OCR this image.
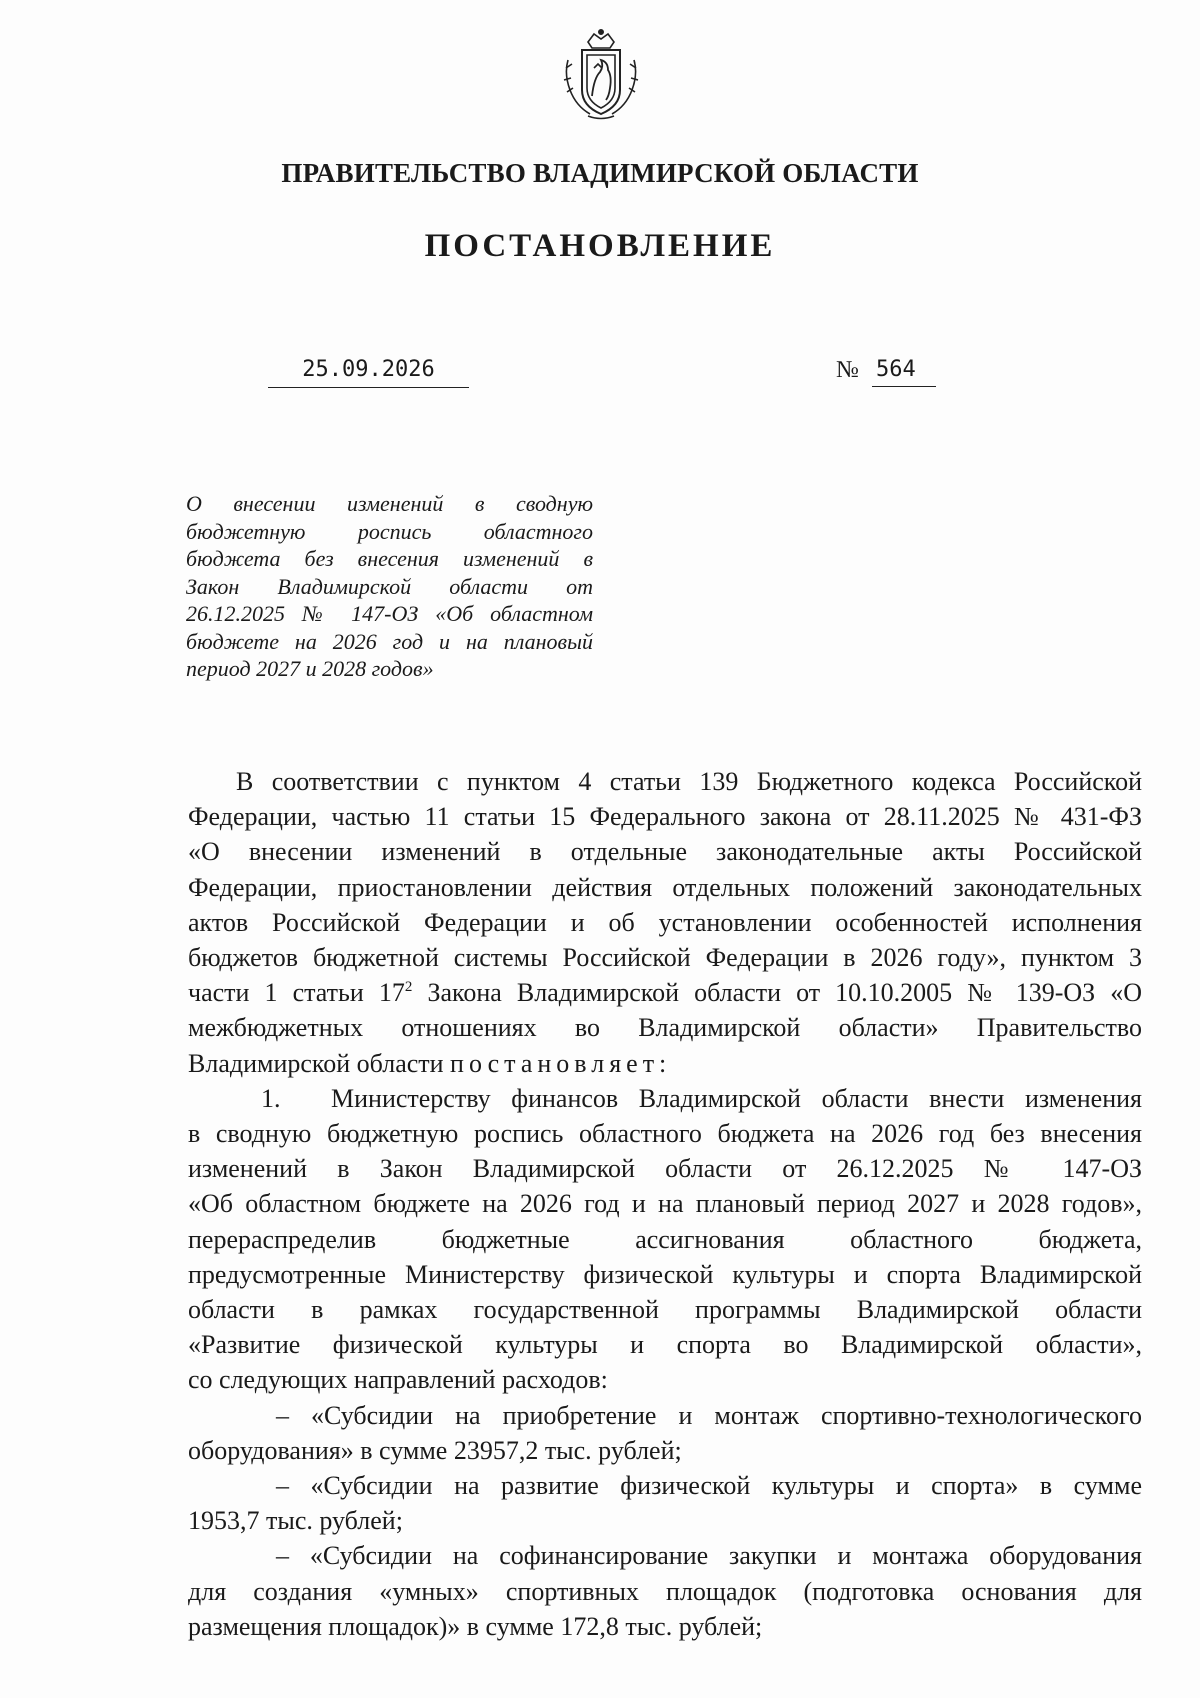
ПРАВИТЕЛЬСТВО ВЛАДИМИРСКОЙ ОБЛАСТИ
ПОСТАНОВЛЕНИЕ
25.09.2026	№ 564
О внесении изменений в сводную
бюджетную роспись областного
бюджета без внесения изменений в
Закон Владимирской области от
26.12.2025 № 147-ОЗ «Об областном
бюджете на 2026 год и на плановый
период 2027 и 2028 годов»
В соответствии с пунктом 4 статьи 139 Бюджетного кодекса Российской
Федерации, частью 11 статьи 15 Федерального закона от 28.11.2025 № 431-ФЗ
«О внесении изменений в отдельные законодательные акты Российской
Федерации, приостановлении действия отдельных положений законодательных
актов Российской Федерации и об установлении особенностей исполнения
бюджетов бюджетной системы Российской Федерации в 2026 году», пунктом 3
части 1 статьи $17^2$ Закона Владимирской области от 10.10.2005 № 139-ОЗ «О
межбюджетных отношениях во Владимирской области» Правительство
Владимирской области постановляет:
1. Министерству финансов Владимирской области внести изменения
в сводную бюджетную роспись областного бюджета на 2026 год без внесения
изменений в Закон Владимирской области от 26.12.2025 № 147-ОЗ
«Об областном бюджете на 2026 год и на плановый период 2027 и 2028 годов»,
перераспределив бюджетные ассигнования областного бюджета,
предусмотренные Министерству физической культуры и спорта Владимирской
области в рамках государственной программы Владимирской области
«Развитие физической культуры и спорта во Владимирской области»,
со следующих направлений расходов:
– «Субсидии на приобретение и монтаж спортивно-технологического
оборудования» в сумме 23957,2 тыс. рублей;
– «Субсидии на развитие физической культуры и спорта» в сумме
1953,7 тыс. рублей;
– «Субсидии на софинансирование закупки и монтажа оборудования
для создания «умных» спортивных площадок (подготовка основания для
размещения площадок)» в сумме 172,8 тыс. рублей;
